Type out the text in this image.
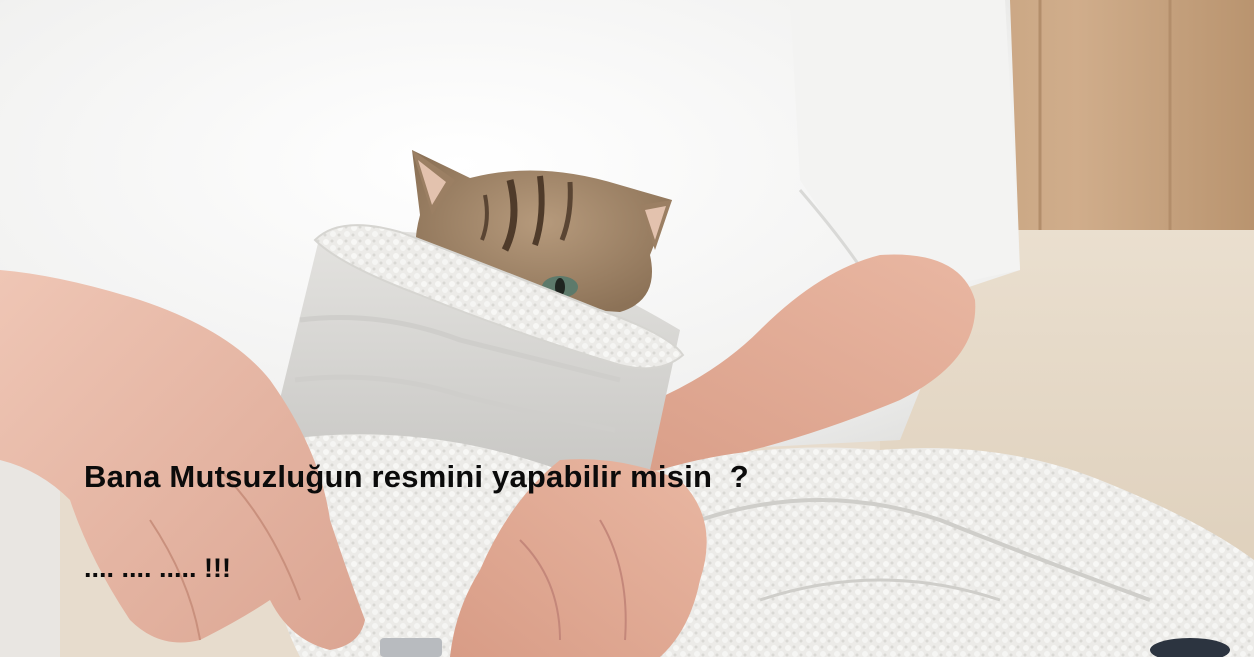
Bana Mutsuzluğun resmini yapabilir misin  ?

.... .... ..... !!!
